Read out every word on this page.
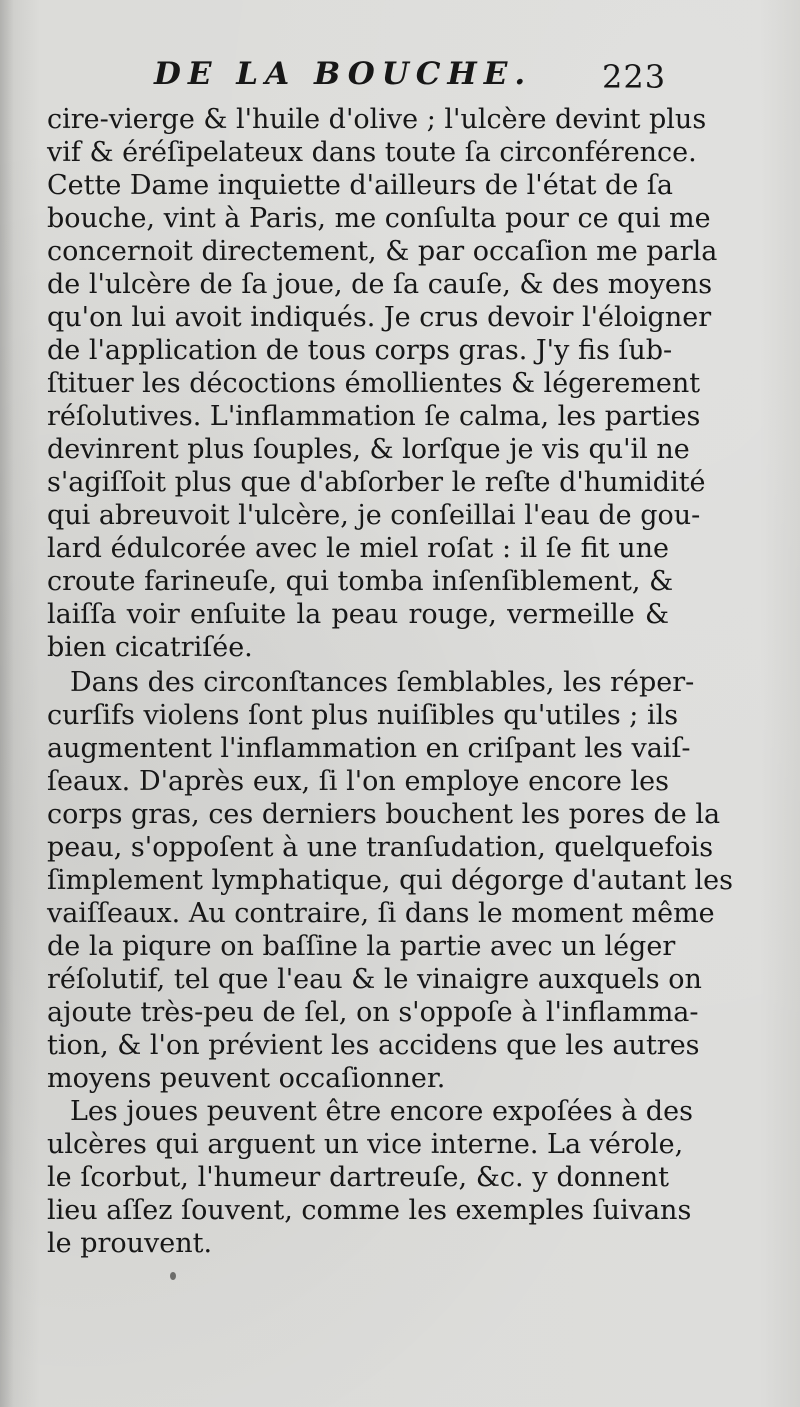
DE LA BOUCHE. 223
cire-vierge & l'huile d'olive ; l'ulcère devint plus
vif & éréſipelateux dans toute ſa circonférence.
Cette Dame inquiette d'ailleurs de l'état de ſa
bouche, vint à Paris, me conſulta pour ce qui me
concernoit directement, & par occaſion me parla
de l'ulcère de ſa joue, de ſa cauſe, & des moyens
qu'on lui avoit indiqués. Je crus devoir l'éloigner
de l'application de tous corps gras. J'y fis ſub-
ſtituer les décoctions émollientes & légerement
réſolutives. L'inflammation ſe calma, les parties
devinrent plus ſouples, & lorſque je vis qu'il ne
s'agiſſoit plus que d'abſorber le reſte d'humidité
qui abreuvoit l'ulcère, je conſeillai l'eau de gou-
lard édulcorée avec le miel roſat : il ſe fit une
croute farineuſe, qui tomba inſenſiblement, &
laiſſa voir enſuite la peau rouge, vermeille &
bien cicatriſée.
Dans des circonſtances ſemblables, les réper-
curſifs violens ſont plus nuiſibles qu'utiles ; ils
augmentent l'inflammation en criſpant les vaiſ-
ſeaux. D'après eux, ſi l'on employe encore les
corps gras, ces derniers bouchent les pores de la
peau, s'oppoſent à une tranſudation, quelquefois
ſimplement lymphatique, qui dégorge d'autant les
vaiſſeaux. Au contraire, ſi dans le moment même
de la piqure on baſſine la partie avec un léger
réſolutif, tel que l'eau & le vinaigre auxquels on
ajoute très-peu de ſel, on s'oppoſe à l'inflamma-
tion, & l'on prévient les accidens que les autres
moyens peuvent occaſionner.
Les joues peuvent être encore expoſées à des
ulcères qui arguent un vice interne. La vérole,
le ſcorbut, l'humeur dartreuſe, &c. y donnent
lieu aſſez ſouvent, comme les exemples ſuivans
le prouvent.
